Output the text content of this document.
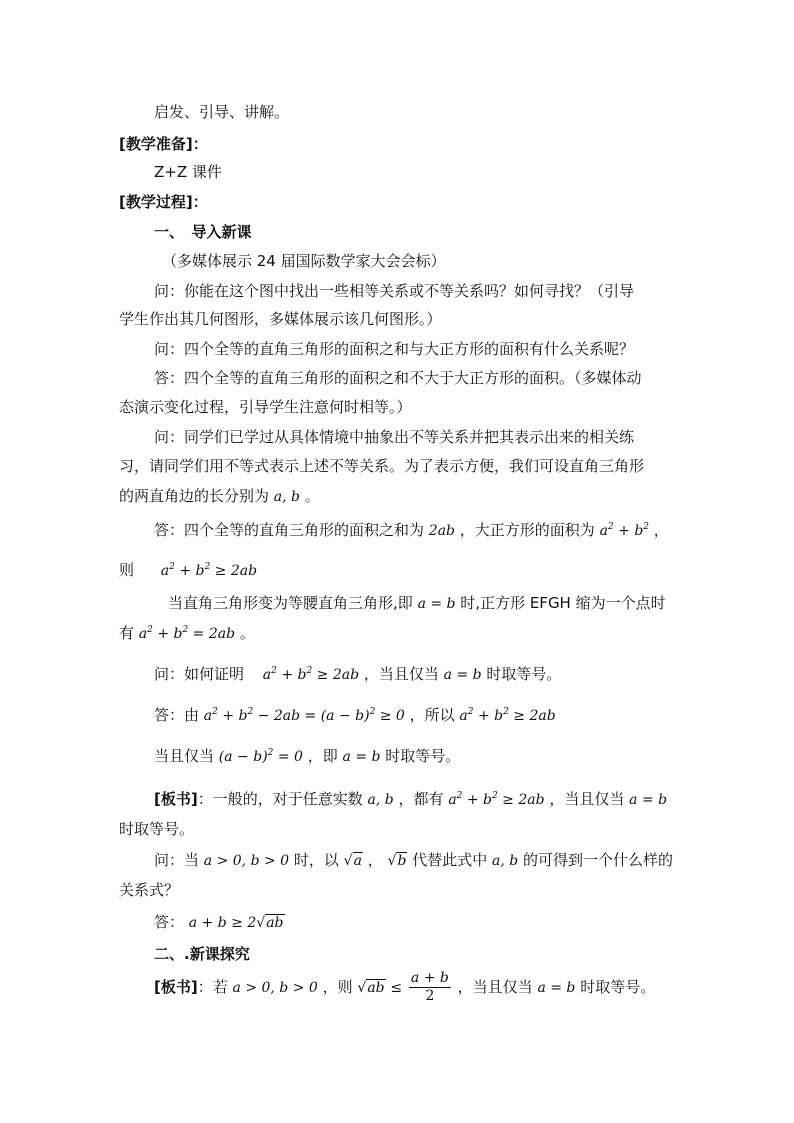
启发、引导、讲解。
[教学准备]：
Z+Z 课件
[教学过程]：
一、　导入新课
（多媒体展示 24 届国际数学家大会会标）
问：你能在这个图中找出一些相等关系或不等关系吗？如何寻找？（引导
学生作出其几何图形，多媒体展示该几何图形。）
问：四个全等的直角三角形的面积之和与大正方形的面积有什么关系呢？
答：四个全等的直角三角形的面积之和不大于大正方形的面积。（多媒体动
态演示变化过程，引导学生注意何时相等。）
问：同学们已学过从具体情境中抽象出不等关系并把其表示出来的相关练
习，请同学们用不等式表示上述不等关系。为了表示方便，我们可设直角三角形
的两直角边的长分别为 a, b 。
答：四个全等的直角三角形的面积之和为 2ab ，大正方形的面积为 $a^2 + b^2$ ，
则 $a^2 + b^2 \ge 2ab$
当直角三角形变为等腰直角三角形,即 a = b 时,正方形 EFGH 缩为一个点时
有 $a^2 + b^2 = 2ab$ 。
问：如何证明 $a^2 + b^2 \ge 2ab$ ，当且仅当 a = b 时取等号。
答：由 $a^2 + b^2 - 2ab = (a - b)^2 \ge 0$ ，所以 $a^2 + b^2 \ge 2ab$
当且仅当 $(a - b)^2 = 0$ ，即 a = b 时取等号。
[板书]：一般的，对于任意实数 a, b ，都有 $a^2 + b^2 \ge 2ab$ ，当且仅当 a = b
时取等号。
问：当 a > 0, b > 0 时，以 √a ， √b 代替此式中 a, b 的可得到一个什么样的
关系式？
答： a + b ≥ 2√ab
二、.新课探究
[板书]：若 a > 0, b > 0 ，则 $√ab \le \frac{a + b}{2}$ ，当且仅当 a = b 时取等号。
